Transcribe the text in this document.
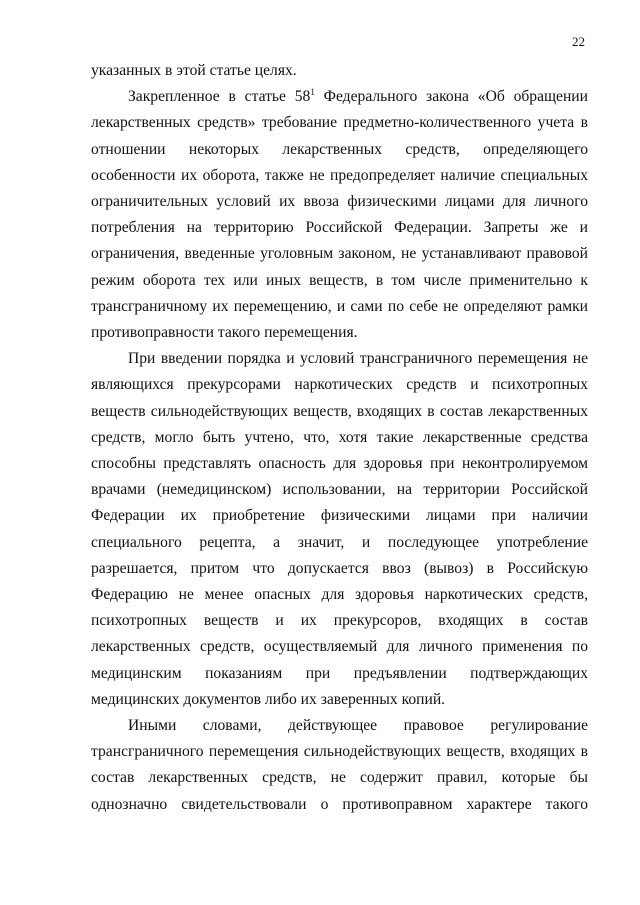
22

указанных в этой статье целях.

Закрепленное в статье $58^1$ Федерального закона «Об обращении лекарственных средств» требование предметно-количественного учета в отношении некоторых лекарственных средств, определяющего особенности их оборота, также не предопределяет наличие специальных ограничительных условий их ввоза физическими лицами для личного потребления на территорию Российской Федерации. Запреты же и ограничения, введенные уголовным законом, не устанавливают правовой режим оборота тех или иных веществ, в том числе применительно к трансграничному их перемещению, и сами по себе не определяют рамки противоправности такого перемещения.

При введении порядка и условий трансграничного перемещения не являющихся прекурсорами наркотических средств и психотропных веществ сильнодействующих веществ, входящих в состав лекарственных средств, могло быть учтено, что, хотя такие лекарственные средства способны представлять опасность для здоровья при неконтролируемом врачами (немедицинском) использовании, на территории Российской Федерации их приобретение физическими лицами при наличии специального рецепта, а значит, и последующее употребление разрешается, притом что допускается ввоз (вывоз) в Российскую Федерацию не менее опасных для здоровья наркотических средств, психотропных веществ и их прекурсоров, входящих в состав лекарственных средств, осуществляемый для личного применения по медицинским показаниям при предъявлении подтверждающих медицинских документов либо их заверенных копий.

Иными словами, действующее правовое регулирование трансграничного перемещения сильнодействующих веществ, входящих в состав лекарственных средств, не содержит правил, которые бы однозначно свидетельствовали о противоправном характере такого
